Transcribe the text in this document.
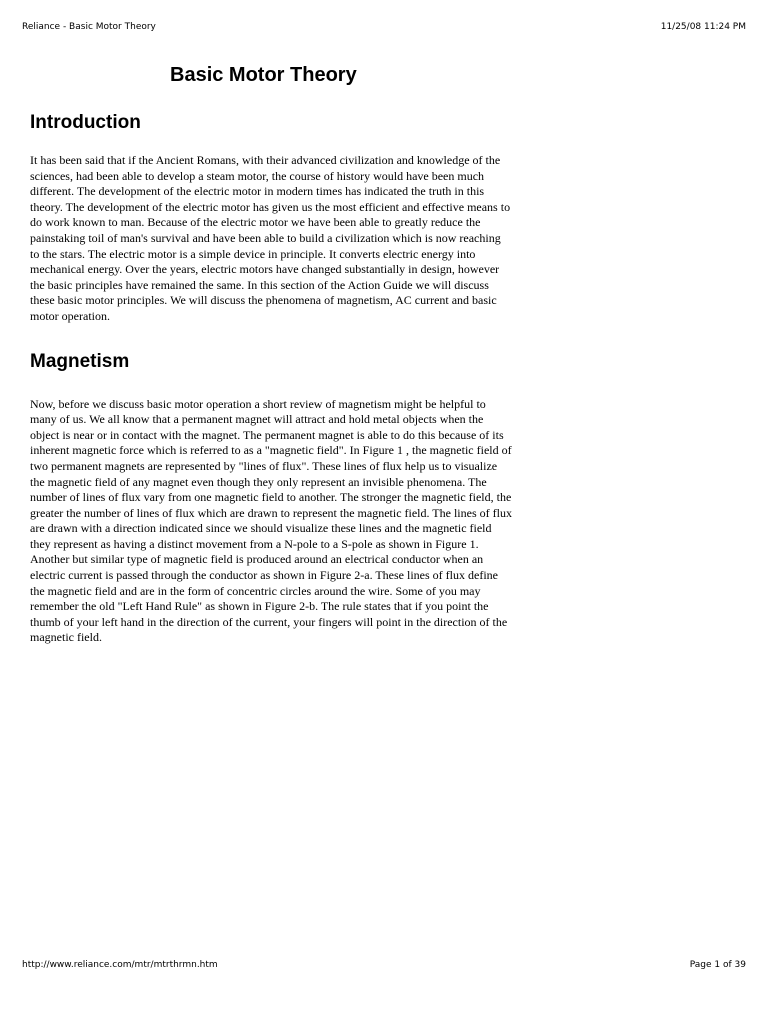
Reliance - Basic Motor Theory	11/25/08 11:24 PM
Basic Motor Theory
Introduction

It has been said that if the Ancient Romans, with their advanced civilization and knowledge of the sciences, had been able to develop a steam motor, the course of history would have been much different. The development of the electric motor in modern times has indicated the truth in this theory. The development of the electric motor has given us the most efficient and effective means to do work known to man. Because of the electric motor we have been able to greatly reduce the painstaking toil of man's survival and have been able to build a civilization which is now reaching to the stars. The electric motor is a simple device in principle. It converts electric energy into mechanical energy. Over the years, electric motors have changed substantially in design, however the basic principles have remained the same. In this section of the Action Guide we will discuss these basic motor principles. We will discuss the phenomena of magnetism, AC current and basic motor operation.

Magnetism

Now, before we discuss basic motor operation a short review of magnetism might be helpful to many of us. We all know that a permanent magnet will attract and hold metal objects when the object is near or in contact with the magnet. The permanent magnet is able to do this because of its inherent magnetic force which is referred to as a "magnetic field". In Figure 1 , the magnetic field of two permanent magnets are represented by "lines of flux". These lines of flux help us to visualize the magnetic field of any magnet even though they only represent an invisible phenomena. The number of lines of flux vary from one magnetic field to another. The stronger the magnetic field, the greater the number of lines of flux which are drawn to represent the magnetic field. The lines of flux are drawn with a direction indicated since we should visualize these lines and the magnetic field they represent as having a distinct movement from a N-pole to a S-pole as shown in Figure 1. Another but similar type of magnetic field is produced around an electrical conductor when an electric current is passed through the conductor as shown in Figure 2-a. These lines of flux define the magnetic field and are in the form of concentric circles around the wire. Some of you may remember the old "Left Hand Rule" as shown in Figure 2-b. The rule states that if you point the thumb of your left hand in the direction of the current, your fingers will point in the direction of the magnetic field.

http://www.reliance.com/mtr/mtrthrmn.htm	Page 1 of 39
